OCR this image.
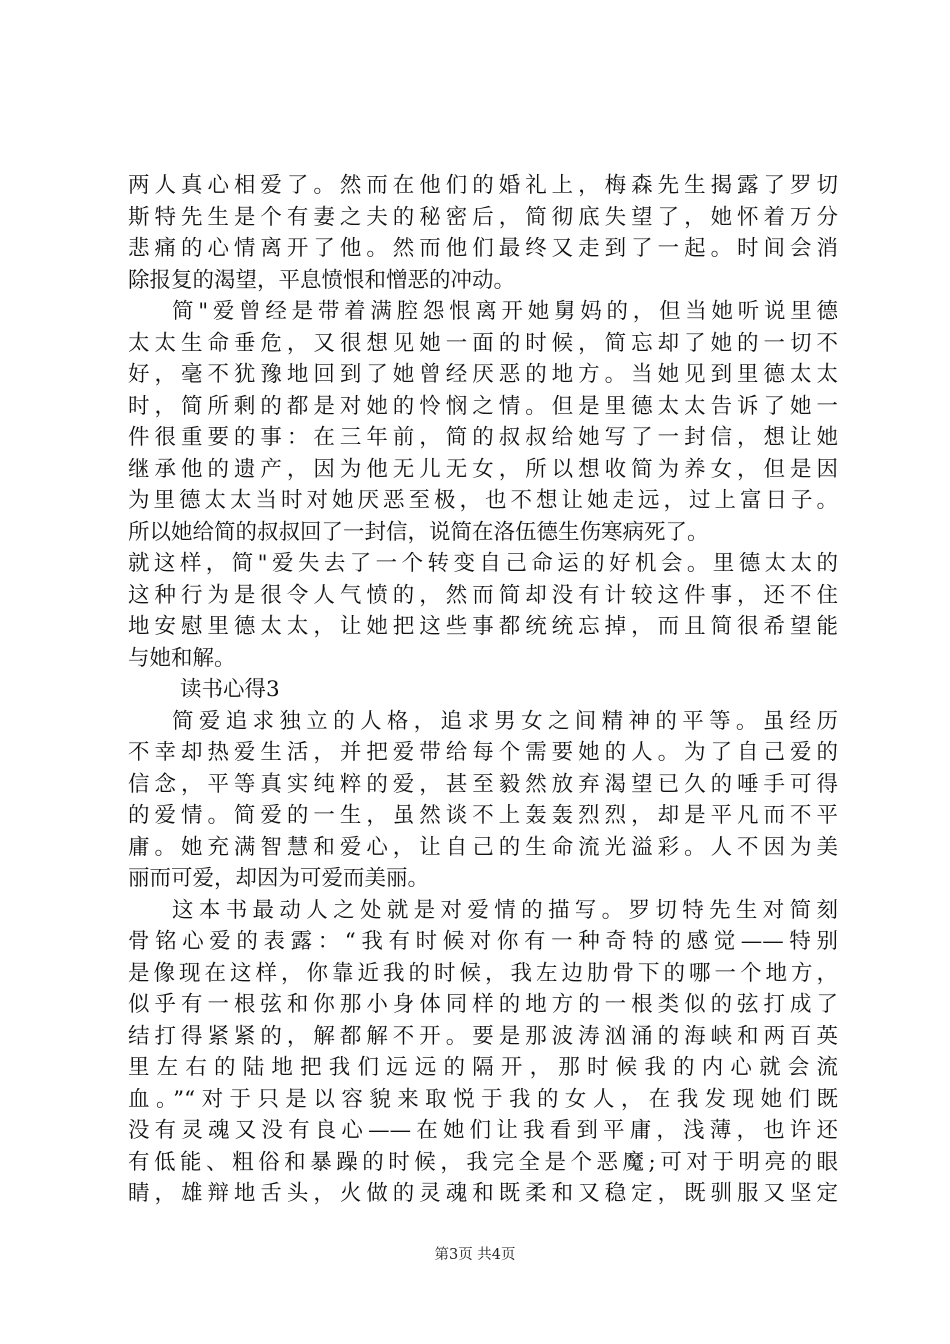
两人真心相爱了。然而在他们的婚礼上，梅森先生揭露了罗切
斯特先生是个有妻之夫的秘密后，简彻底失望了，她怀着万分
悲痛的心情离开了他。然而他们最终又走到了一起。时间会消
除报复的渴望，平息愤恨和憎恶的冲动。
简"爱曾经是带着满腔怨恨离开她舅妈的，但当她听说里德
太太生命垂危，又很想见她一面的时候，简忘却了她的一切不
好，毫不犹豫地回到了她曾经厌恶的地方。当她见到里德太太
时，简所剩的都是对她的怜悯之情。但是里德太太告诉了她一
件很重要的事：在三年前，简的叔叔给她写了一封信，想让她
继承他的遗产，因为他无儿无女，所以想收简为养女，但是因
为里德太太当时对她厌恶至极，也不想让她走远，过上富日子。
所以她给简的叔叔回了一封信，说简在洛伍德生伤寒病死了。
就这样，简"爱失去了一个转变自己命运的好机会。里德太太的
这种行为是很令人气愤的，然而简却没有计较这件事，还不住
地安慰里德太太，让她把这些事都统统忘掉，而且简很希望能
与她和解。
读书心得3
简爱追求独立的人格，追求男女之间精神的平等。虽经历
不幸却热爱生活，并把爱带给每个需要她的人。为了自己爱的
信念，平等真实纯粹的爱，甚至毅然放弃渴望已久的唾手可得
的爱情。简爱的一生，虽然谈不上轰轰烈烈，却是平凡而不平
庸。她充满智慧和爱心，让自己的生命流光溢彩。人不因为美
丽而可爱，却因为可爱而美丽。
这本书最动人之处就是对爱情的描写。罗切特先生对简刻
骨铭心爱的表露：“我有时候对你有一种奇特的感觉——特别
是像现在这样，你靠近我的时候，我左边肋骨下的哪一个地方，
似乎有一根弦和你那小身体同样的地方的一根类似的弦打成了
结打得紧紧的，解都解不开。要是那波涛汹涌的海峡和两百英
里左右的陆地把我们远远的隔开，那时候我的内心就会流
血。”“对于只是以容貌来取悦于我的女人，在我发现她们既
没有灵魂又没有良心——在她们让我看到平庸，浅薄，也许还
有低能、粗俗和暴躁的时候，我完全是个恶魔;可对于明亮的眼
睛，雄辩地舌头，火做的灵魂和既柔和又稳定，既驯服又坚定
第3页 共4页
